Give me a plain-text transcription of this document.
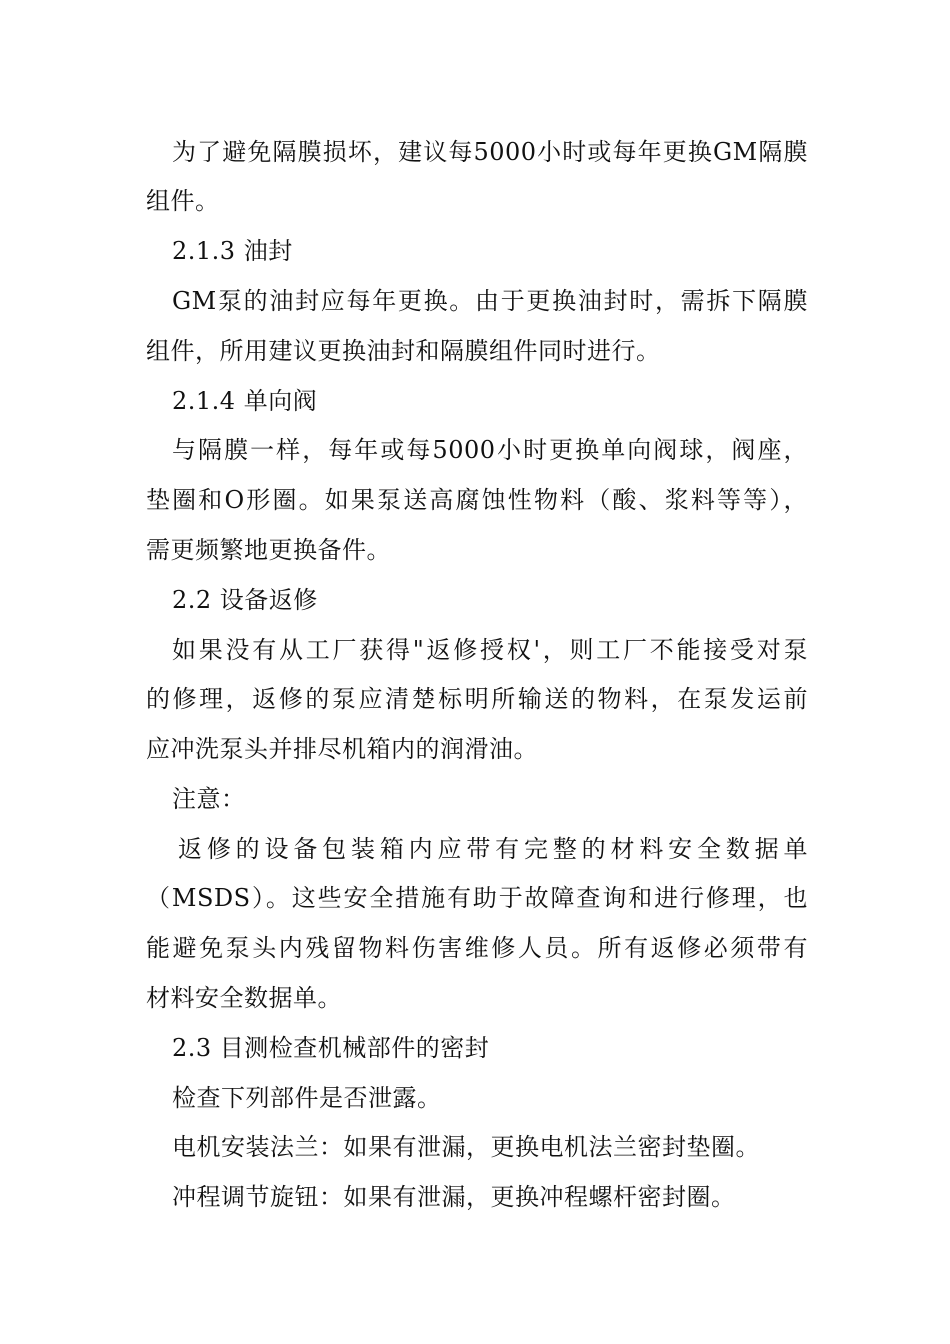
为了避免隔膜损坏，建议每5000小时或每年更换GM隔膜
组件。
2.1.3 油封
GM泵的油封应每年更换。由于更换油封时，需拆下隔膜
组件，所用建议更换油封和隔膜组件同时进行。
2.1.4 单向阀
与隔膜一样，每年或每5000小时更换单向阀球，阀座，
垫圈和O形圈。如果泵送高腐蚀性物料（酸、浆料等等），
需更频繁地更换备件。
2.2 设备返修
如果没有从工厂获得"返修授权'，则工厂不能接受对泵
的修理，返修的泵应清楚标明所输送的物料，在泵发运前
应冲洗泵头并排尽机箱内的润滑油。
注意：
返修的设备包装箱内应带有完整的材料安全数据单
（MSDS）。这些安全措施有助于故障查询和进行修理，也
能避免泵头内残留物料伤害维修人员。所有返修必须带有
材料安全数据单。
2.3 目测检查机械部件的密封
检查下列部件是否泄露。
电机安装法兰：如果有泄漏，更换电机法兰密封垫圈。
冲程调节旋钮：如果有泄漏，更换冲程螺杆密封圈。
